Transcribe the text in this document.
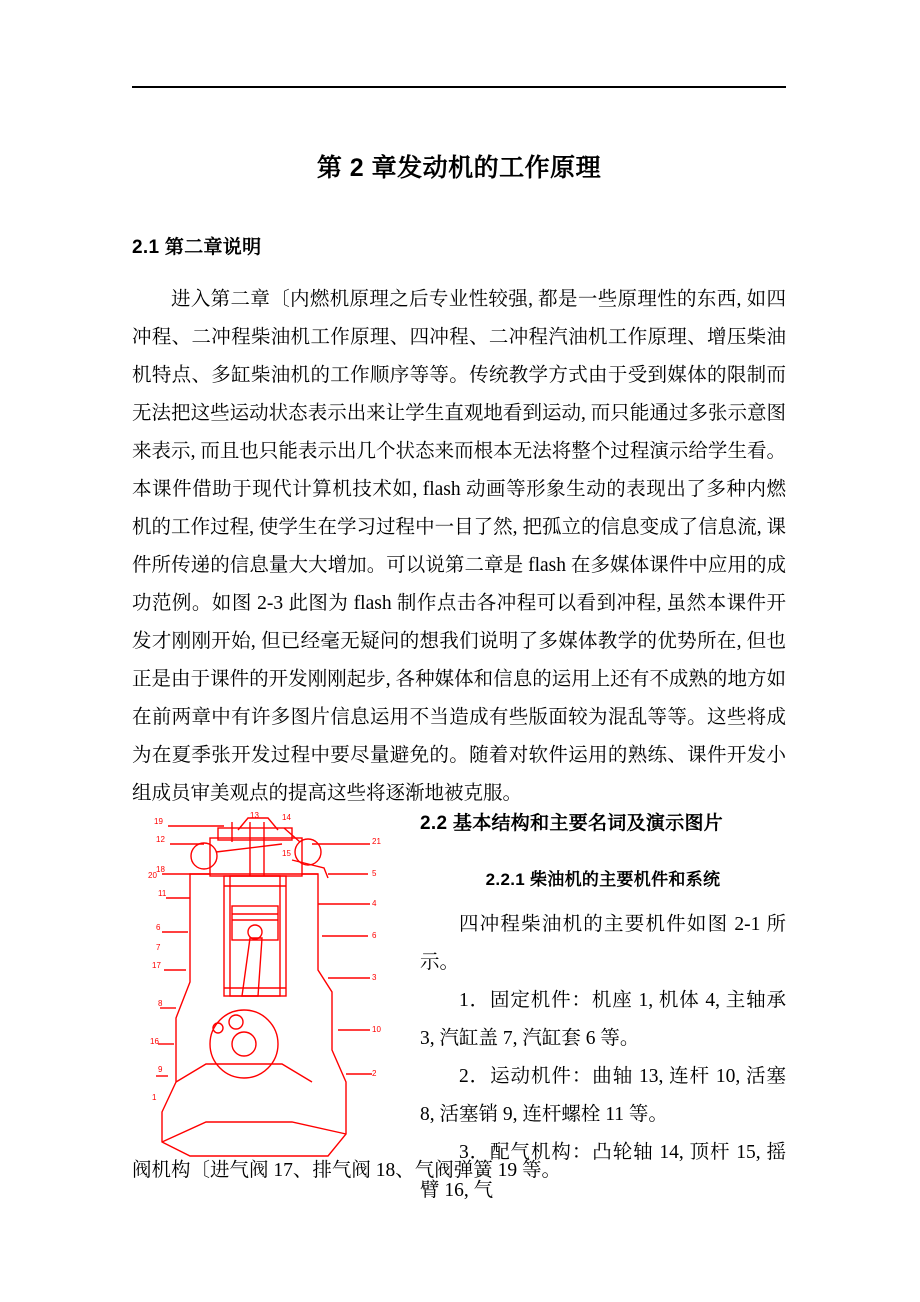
第 2 章发动机的工作原理
2.1 第二章说明

进入第二章〔内燃机原理之后专业性较强, 都是一些原理性的东西, 如四冲程、二冲程柴油机工作原理、四冲程、二冲程汽油机工作原理、增压柴油机特点、多缸柴油机的工作顺序等等。传统教学方式由于受到媒体的限制而无法把这些运动状态表示出来让学生直观地看到运动, 而只能通过多张示意图来表示, 而且也只能表示出几个状态来而根本无法将整个过程演示给学生看。本课件借助于现代计算机技术如, flash 动画等形象生动的表现出了多种内燃机的工作过程, 使学生在学习过程中一目了然, 把孤立的信息变成了信息流, 课件所传递的信息量大大增加。可以说第二章是 flash 在多媒体课件中应用的成功范例。如图 2-3 此图为 flash 制作点击各冲程可以看到冲程, 虽然本课件开发才刚刚开始, 但已经毫无疑问的想我们说明了多媒体教学的优势所在, 但也正是由于课件的开发刚刚起步, 各种媒体和信息的运用上还有不成熟的地方如在前两章中有许多图片信息运用不当造成有些版面较为混乱等等。这些将成为在夏季张开发过程中要尽量避免的。随着对软件运用的熟练、课件开发小组成员审美观点的提高这些将逐渐地被克服。

19
12
13	14
21
18
15
20
11
5
6
4
7
6
17
8
3
16
9
10
1
2
2.2 基本结构和主要名词及演示图片
2.2.1 柴油机的主要机件和系统

四冲程柴油机的主要机件如图 2-1 所示。

1．固定机件：机座 1, 机体 4, 主轴承 3, 汽缸盖 7, 汽缸套 6 等。

2．运动机件：曲轴 13, 连杆 10, 活塞 8, 活塞销 9, 连杆螺栓 11 等。

3．配气机构：凸轮轴 14, 顶杆 15, 摇臂 16, 气

阀机构〔进气阀 17、排气阀 18、气阀弹簧 19 等。
